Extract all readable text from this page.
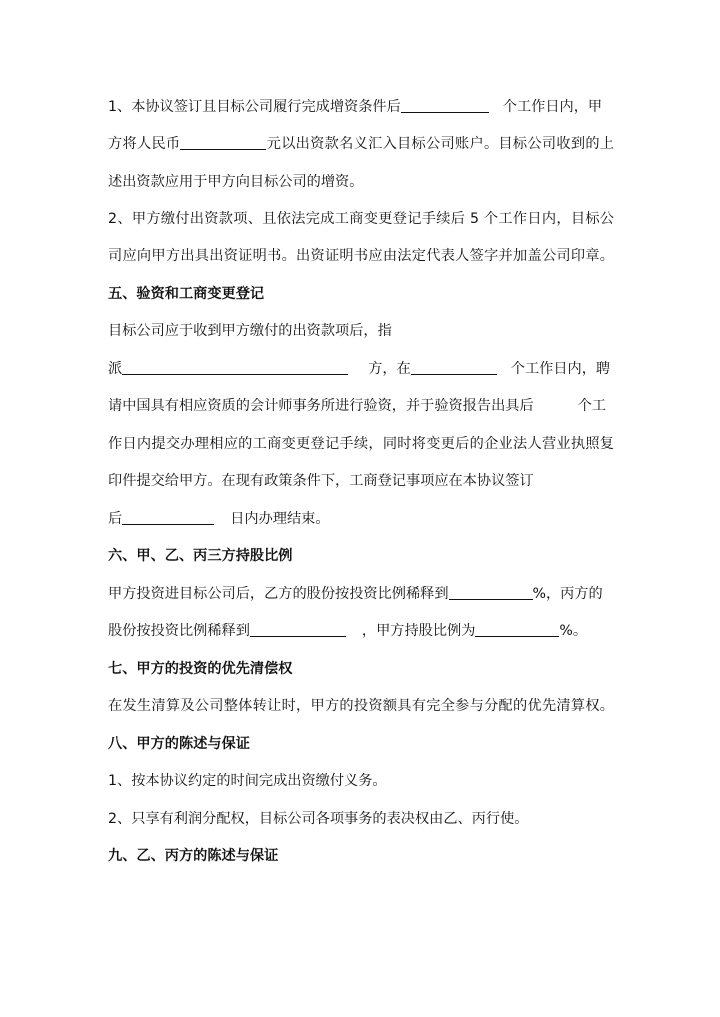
1、本协议签订且目标公司履行完成增资条件后	个工作日内，甲
方将人民币	元以出资款名义汇入目标公司账户。目标公司收到的上
述出资款应用于甲方向目标公司的增资。
2、甲方缴付出资款项、且依法完成工商变更登记手续后 5 个工作日内，目标公
司应向甲方出具出资证明书。出资证明书应由法定代表人签字并加盖公司印章。
五、验资和工商变更登记
目标公司应于收到甲方缴付的出资款项后，指
派	方，在	个工作日内，聘
请中国具有相应资质的会计师事务所进行验资，并于验资报告出具后	个工
作日内提交办理相应的工商变更登记手续，同时将变更后的企业法人营业执照复
印件提交给甲方。在现有政策条件下，工商登记事项应在本协议签订
后	日内办理结束。
六、甲、乙、丙三方持股比例
甲方投资进目标公司后，乙方的股份按投资比例稀释到	%，丙方的
股份按投资比例稀释到	，甲方持股比例为	%。
七、甲方的投资的优先清偿权
在发生清算及公司整体转让时，甲方的投资额具有完全参与分配的优先清算权。
八、甲方的陈述与保证
1、按本协议约定的时间完成出资缴付义务。
2、只享有利润分配权，目标公司各项事务的表决权由乙、丙行使。
九、乙、丙方的陈述与保证
